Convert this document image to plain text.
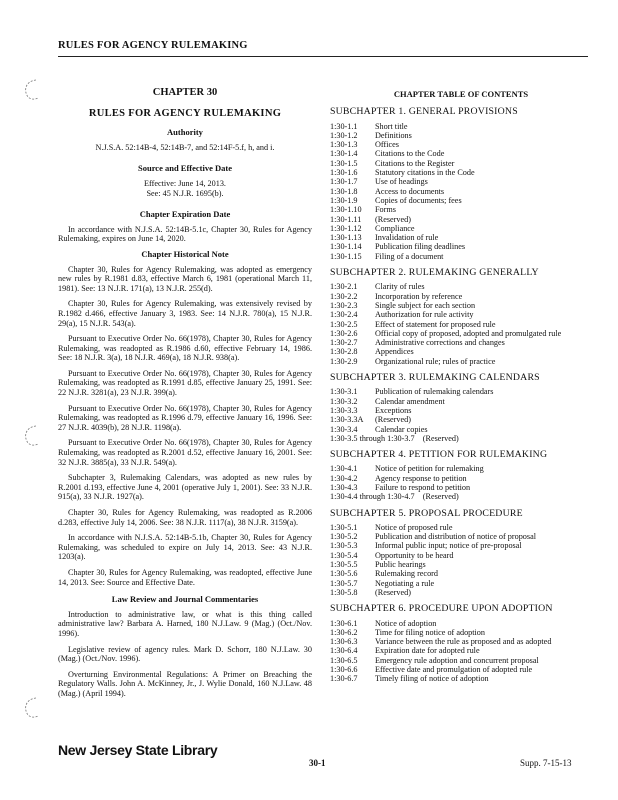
RULES FOR AGENCY RULEMAKING
CHAPTER 30
RULES FOR AGENCY RULEMAKING
Authority
N.J.S.A. 52:14B-4, 52:14B-7, and 52:14F-5.f, h, and i.
Source and Effective Date
Effective: June 14, 2013.
See: 45 N.J.R. 1695(b).
Chapter Expiration Date
In accordance with N.J.S.A. 52:14B-5.1c, Chapter 30, Rules for Agency Rulemaking, expires on June 14, 2020.
Chapter Historical Note
Chapter 30, Rules for Agency Rulemaking, was adopted as emergency new rules by R.1981 d.83, effective March 6, 1981 (operational March 11, 1981). See: 13 N.J.R. 171(a), 13 N.J.R. 255(d).
Chapter 30, Rules for Agency Rulemaking, was extensively revised by R.1982 d.466, effective January 3, 1983. See: 14 N.J.R. 780(a), 15 N.J.R. 29(a), 15 N.J.R. 543(a).
Pursuant to Executive Order No. 66(1978), Chapter 30, Rules for Agency Rulemaking, was readopted as R.1986 d.60, effective February 14, 1986. See: 18 N.J.R. 3(a), 18 N.J.R. 469(a), 18 N.J.R. 938(a).
Pursuant to Executive Order No. 66(1978), Chapter 30, Rules for Agency Rulemaking, was readopted as R.1991 d.85, effective January 25, 1991. See: 22 N.J.R. 3281(a), 23 N.J.R. 399(a).
Pursuant to Executive Order No. 66(1978), Chapter 30, Rules for Agency Rulemaking, was readopted as R.1996 d.79, effective January 16, 1996. See: 27 N.J.R. 4039(b), 28 N.J.R. 1198(a).
Pursuant to Executive Order No. 66(1978), Chapter 30, Rules for Agency Rulemaking, was readopted as R.2001 d.52, effective January 16, 2001. See: 32 N.J.R. 3885(a), 33 N.J.R. 549(a).
Subchapter 3, Rulemaking Calendars, was adopted as new rules by R.2001 d.193, effective June 4, 2001 (operative July 1, 2001). See: 33 N.J.R. 915(a), 33 N.J.R. 1927(a).
Chapter 30, Rules for Agency Rulemaking, was readopted as R.2006 d.283, effective July 14, 2006. See: 38 N.J.R. 1117(a), 38 N.J.R. 3159(a).
In accordance with N.J.S.A. 52:14B-5.1b, Chapter 30, Rules for Agency Rulemaking, was scheduled to expire on July 14, 2013. See: 43 N.J.R. 1203(a).
Chapter 30, Rules for Agency Rulemaking, was readopted, effective June 14, 2013. See: Source and Effective Date.
Law Review and Journal Commentaries
Introduction to administrative law, or what is this thing called administrative law? Barbara A. Harned, 180 N.J.Law. 9 (Mag.) (Oct./Nov. 1996).
Legislative review of agency rules. Mark D. Schorr, 180 N.J.Law. 30 (Mag.) (Oct./Nov. 1996).
Overturning Environmental Regulations: A Primer on Breaching the Regulatory Walls. John A. McKinney, Jr., J. Wylie Donald, 160 N.J.Law. 48 (Mag.) (April 1994).
CHAPTER TABLE OF CONTENTS
SUBCHAPTER 1. GENERAL PROVISIONS
1:30-1.1	Short title
1:30-1.2	Definitions
1:30-1.3	Offices
1:30-1.4	Citations to the Code
1:30-1.5	Citations to the Register
1:30-1.6	Statutory citations in the Code
1:30-1.7	Use of headings
1:30-1.8	Access to documents
1:30-1.9	Copies of documents; fees
1:30-1.10	Forms
1:30-1.11	(Reserved)
1:30-1.12	Compliance
1:30-1.13	Invalidation of rule
1:30-1.14	Publication filing deadlines
1:30-1.15	Filing of a document
SUBCHAPTER 2. RULEMAKING GENERALLY
1:30-2.1	Clarity of rules
1:30-2.2	Incorporation by reference
1:30-2.3	Single subject for each section
1:30-2.4	Authorization for rule activity
1:30-2.5	Effect of statement for proposed rule
1:30-2.6	Official copy of proposed, adopted and promulgated rule
1:30-2.7	Administrative corrections and changes
1:30-2.8	Appendices
1:30-2.9	Organizational rule; rules of practice
SUBCHAPTER 3. RULEMAKING CALENDARS
1:30-3.1	Publication of rulemaking calendars
1:30-3.2	Calendar amendment
1:30-3.3	Exceptions
1:30-3.3A	(Reserved)
1:30-3.4	Calendar copies
1:30-3.5 through 1:30-3.7    (Reserved)
SUBCHAPTER 4. PETITION FOR RULEMAKING
1:30-4.1	Notice of petition for rulemaking
1:30-4.2	Agency response to petition
1:30-4.3	Failure to respond to petition
1:30-4.4 through 1:30-4.7    (Reserved)
SUBCHAPTER 5. PROPOSAL PROCEDURE
1:30-5.1	Notice of proposed rule
1:30-5.2	Publication and distribution of notice of proposal
1:30-5.3	Informal public input; notice of pre-proposal
1:30-5.4	Opportunity to be heard
1:30-5.5	Public hearings
1:30-5.6	Rulemaking record
1:30-5.7	Negotiating a rule
1:30-5.8	(Reserved)
SUBCHAPTER 6. PROCEDURE UPON ADOPTION
1:30-6.1	Notice of adoption
1:30-6.2	Time for filing notice of adoption
1:30-6.3	Variance between the rule as proposed and as adopted
1:30-6.4	Expiration date for adopted rule
1:30-6.5	Emergency rule adoption and concurrent proposal
1:30-6.6	Effective date and promulgation of adopted rule
1:30-6.7	Timely filing of notice of adoption
New Jersey State Library
30-1	Supp. 7-15-13
